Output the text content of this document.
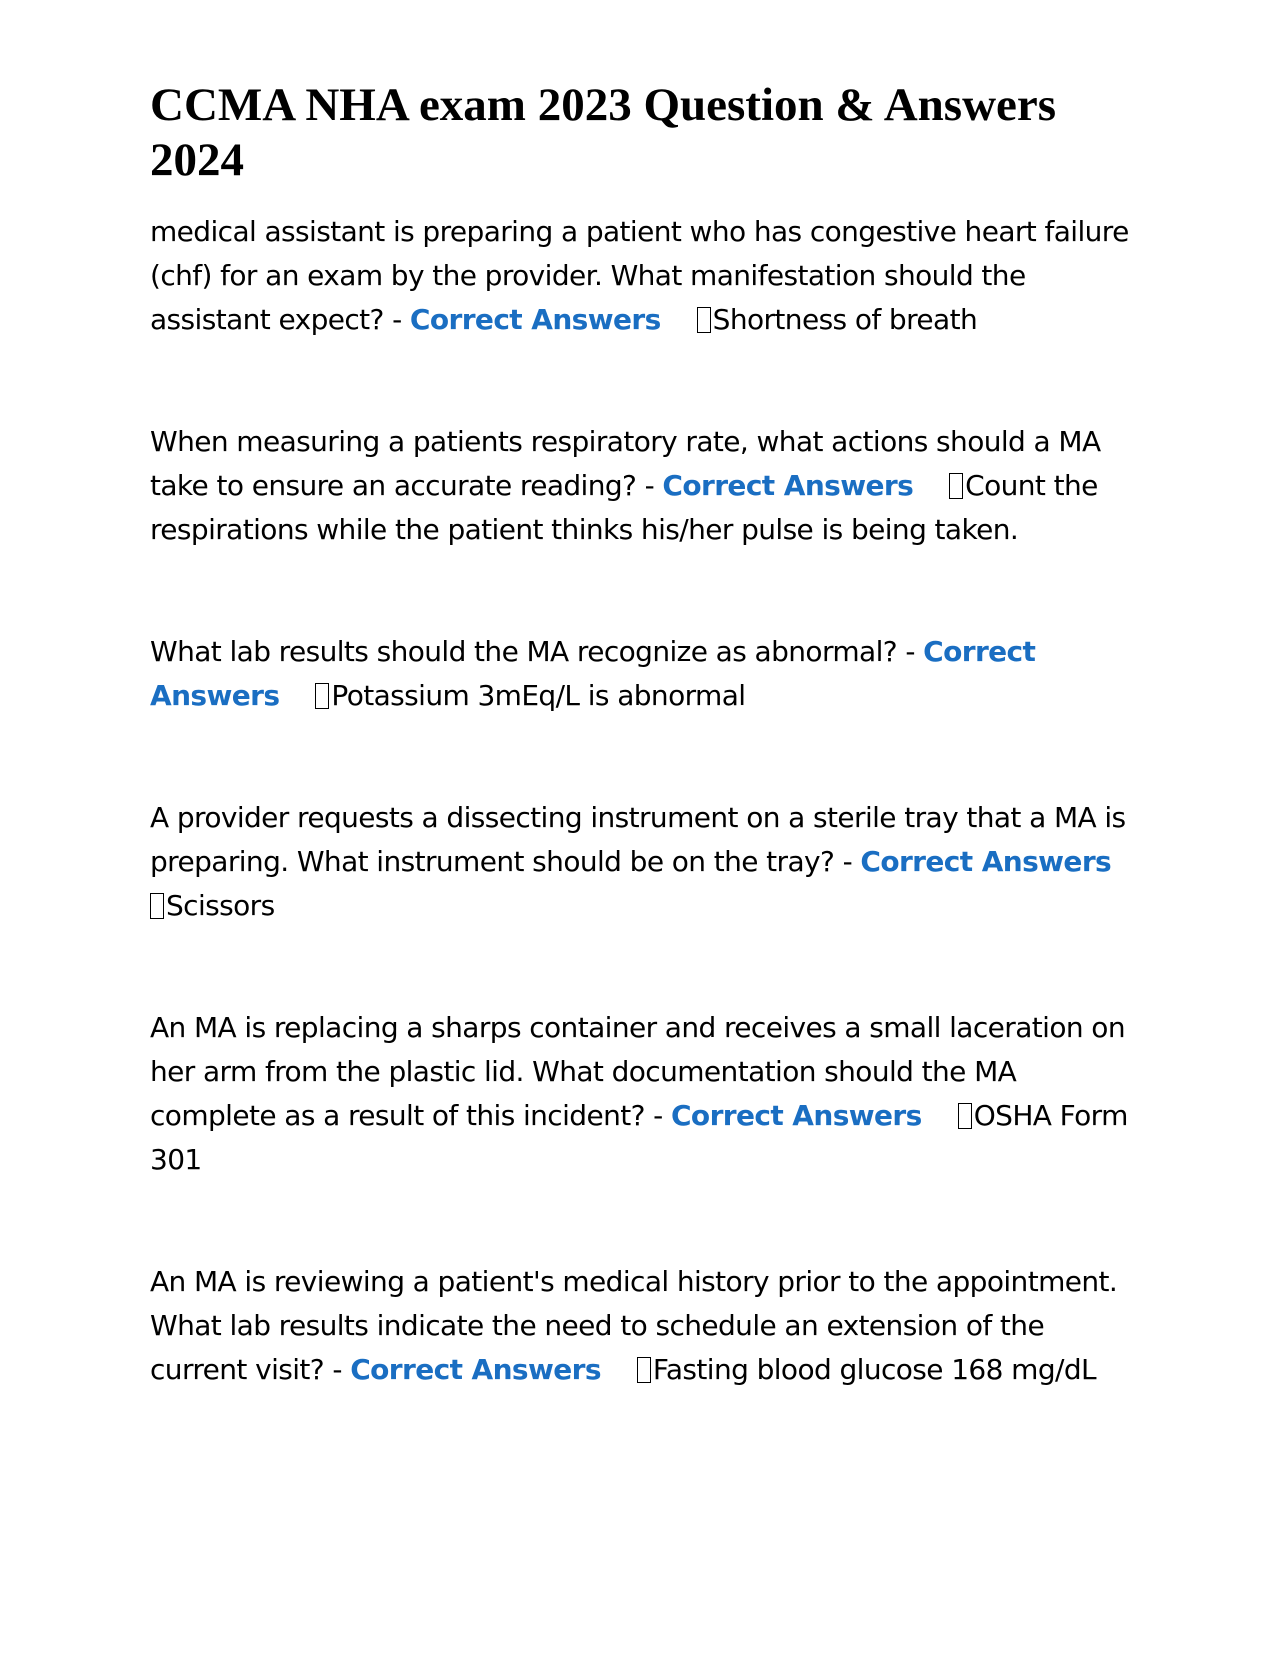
CCMA NHA exam 2023 Question & Answers 2024

medical assistant is preparing a patient who has congestive heart failure (chf) for an exam by the provider. What manifestation should the assistant expect? - Correct Answers Shortness of breath

When measuring a patients respiratory rate, what actions should a MA take to ensure an accurate reading? - Correct Answers Count the respirations while the patient thinks his/her pulse is being taken.

What lab results should the MA recognize as abnormal? - Correct Answers Potassium 3mEq/L is abnormal

A provider requests a dissecting instrument on a sterile tray that a MA is preparing. What instrument should be on the tray? - Correct Answers
Scissors

An MA is replacing a sharps container and receives a small laceration on her arm from the plastic lid. What documentation should the MA complete as a result of this incident? - Correct Answers OSHA Form 301

An MA is reviewing a patient's medical history prior to the appointment. What lab results indicate the need to schedule an extension of the current visit? - Correct Answers Fasting blood glucose 168 mg/dL
